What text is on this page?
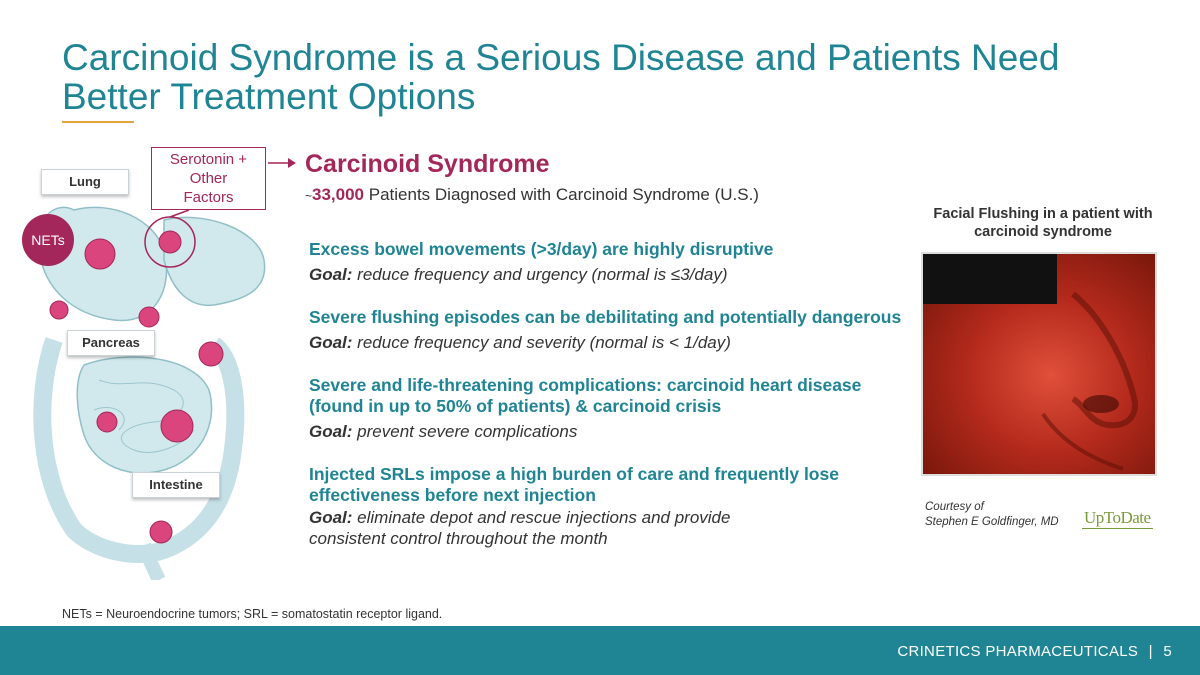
Carcinoid Syndrome is a Serious Disease and Patients Need Better Treatment Options
Lung
Pancreas
Intestine
NETs
Serotonin +
Other
Factors
Carcinoid Syndrome
~33,000 Patients Diagnosed with Carcinoid Syndrome (U.S.)
Excess bowel movements (>3/day) are highly disruptive
Goal: reduce frequency and urgency (normal is ≤3/day)
Severe flushing episodes can be debilitating and potentially dangerous
Goal: reduce frequency and severity (normal is < 1/day)
Severe and life-threatening complications: carcinoid heart disease (found in up to 50% of patients) & carcinoid crisis
Goal: prevent severe complications
Injected SRLs impose a high burden of care and frequently lose effectiveness before next injection
Goal: eliminate depot and rescue injections and provide consistent control throughout the month
Facial Flushing in a patient with carcinoid syndrome
Courtesy of
Stephen E Goldfinger, MD UpToDate
NETs = Neuroendocrine tumors; SRL = somatostatin receptor ligand.
CRINETICS PHARMACEUTICALS | 5
